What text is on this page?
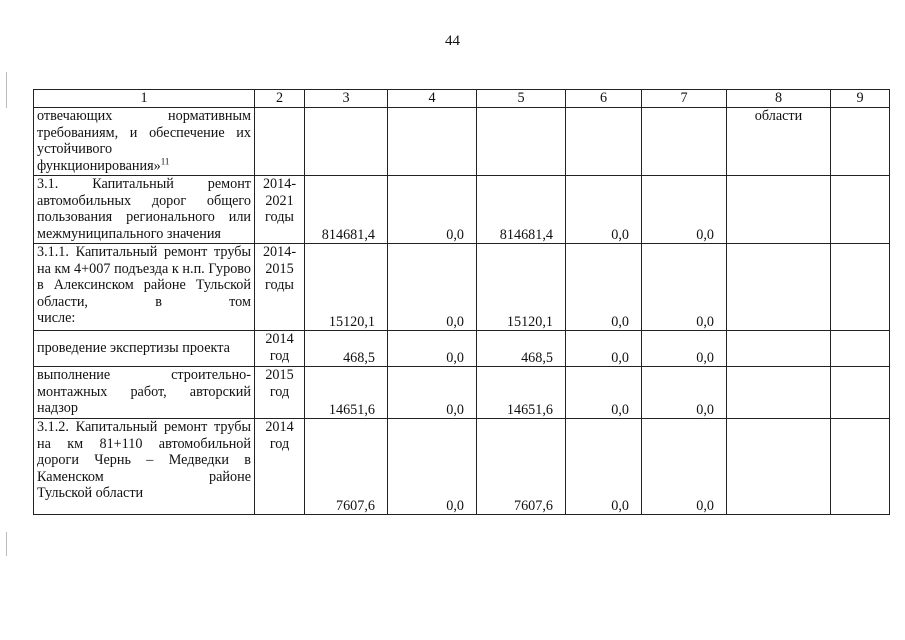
44
1	2	3	4	5	6	7	8	9
отвечающих нормативным требованиям, и обеспечение их устойчивого
функционирования»$^{11}$							области	
3.1. Капитальный ремонт автомобильных дорог общего пользования регионального или
межмуниципального значения	2014-2021 годы	814681,4	0,0	814681,4	0,0	0,0		
3.1.1. Капитальный ремонт трубы на км 4+007 подъезда к н.п. Гурово в Алексинском районе Тульской области, в том
числе:	2014-2015 годы	15120,1	0,0	15120,1	0,0	0,0		

проведение экспертизы проекта	2014 год	468,5	0,0	468,5	0,0	0,0		
выполнение строительно-монтажных работ, авторский
надзор	2015 год	14651,6	0,0	14651,6	0,0	0,0		
3.1.2. Капитальный ремонт трубы на км 81+110 автомобильной дороги Чернь – Медведки в Каменском районе
Тульской области	2014 год	7607,6	0,0	7607,6	0,0	0,0		
